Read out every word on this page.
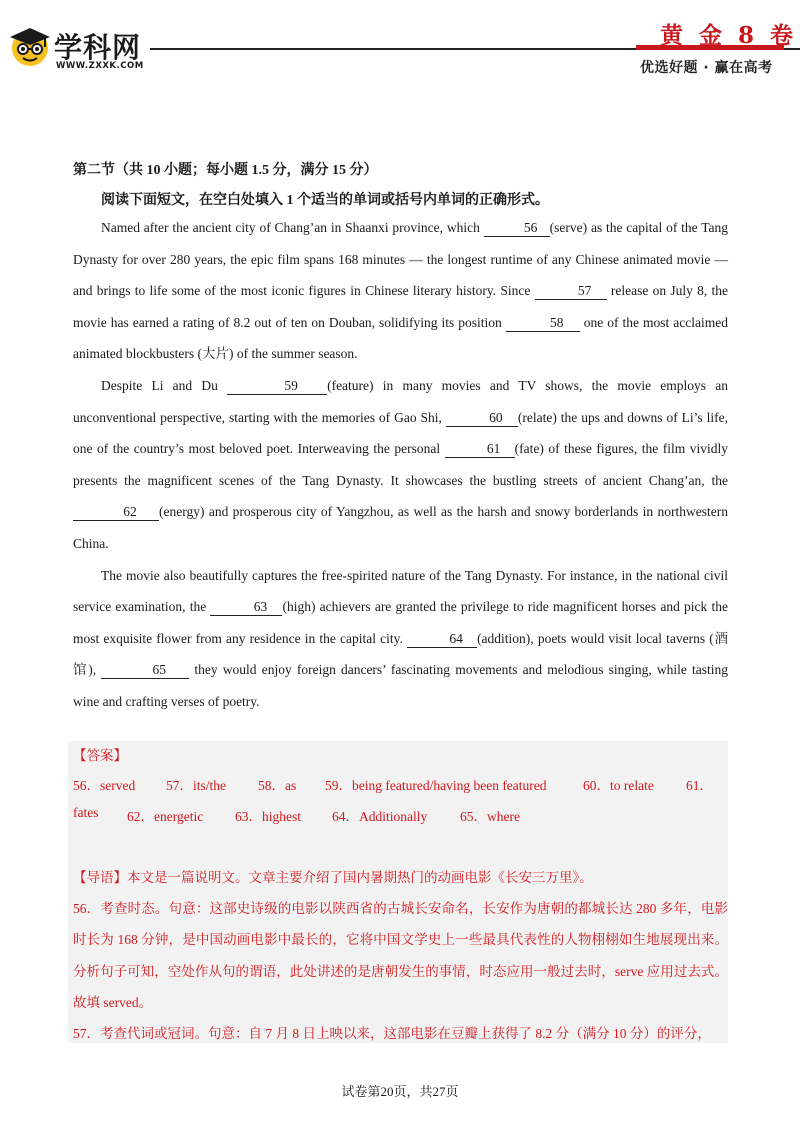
学科网
WWW.ZXXK.COM
黄 金 8 卷
优选好题 · 赢在高考
第二节（共 10 小题；每小题 1.5 分，满分 15 分）
阅读下面短文，在空白处填入 1 个适当的单词或括号内单词的正确形式。

Named after the ancient city of Chang’an in Shaanxi province, which	56 (serve) as the capital of the Tang Dynasty for over 280 years, the epic film spans 168 minutes — the longest runtime of any Chinese animated movie — and brings to life some of the most iconic figures in Chinese literary history. Since	57 release on July 8, the movie has earned a rating of 8.2 out of ten on Douban, solidifying its position	58 one of the most acclaimed animated blockbusters (大片) of the summer season.

Despite Li and Du	59 (feature) in many movies and TV shows, the movie employs an unconventional perspective, starting with the memories of Gao Shi,	60 (relate) the ups and downs of Li’s life, one of the country’s most beloved poet. Interweaving the personal	61 (fate) of these figures, the film vividly presents the magnificent scenes of the Tang Dynasty. It showcases the bustling streets of ancient Chang’an, the 62 (energy) and prosperous city of Yangzhou, as well as the harsh and snowy borderlands in northwestern China.

The movie also beautifully captures the free-spirited nature of the Tang Dynasty. For instance, in the national civil service examination, the	63 (high) achievers are granted the privilege to ride magnificent horses and pick the most exquisite flower from any residence in the capital city.	64 (addition), poets would visit local taverns (酒馆),	65 they would enjoy foreign dancers’ fascinating movements and melodious singing, while tasting wine and crafting verses of poetry.

【答案】
56．served 57．its/the 58．as 59．being featured/having been featured	60．to relate 61．
fates 62．energetic 63．highest 64．Additionally 65．where

【导语】本文是一篇说明文。文章主要介绍了国内暑期热门的动画电影《长安三万里》。

56．考查时态。句意：这部史诗级的电影以陕西省的古城长安命名，长安作为唐朝的都城长达 280 多年，电影时长为 168 分钟，是中国动画电影中最长的，它将中国文学史上一些最具代表性的人物栩栩如生地展现出来。分析句子可知，空处作从句的谓语，此处讲述的是唐朝发生的事情，时态应用一般过去时，serve 应用过去式。故填 served。

57．考查代词或冠词。句意：自 7 月 8 日上映以来，这部电影在豆瓣上获得了 8.2 分（满分 10 分）的评分，

试卷第20页，共27页
